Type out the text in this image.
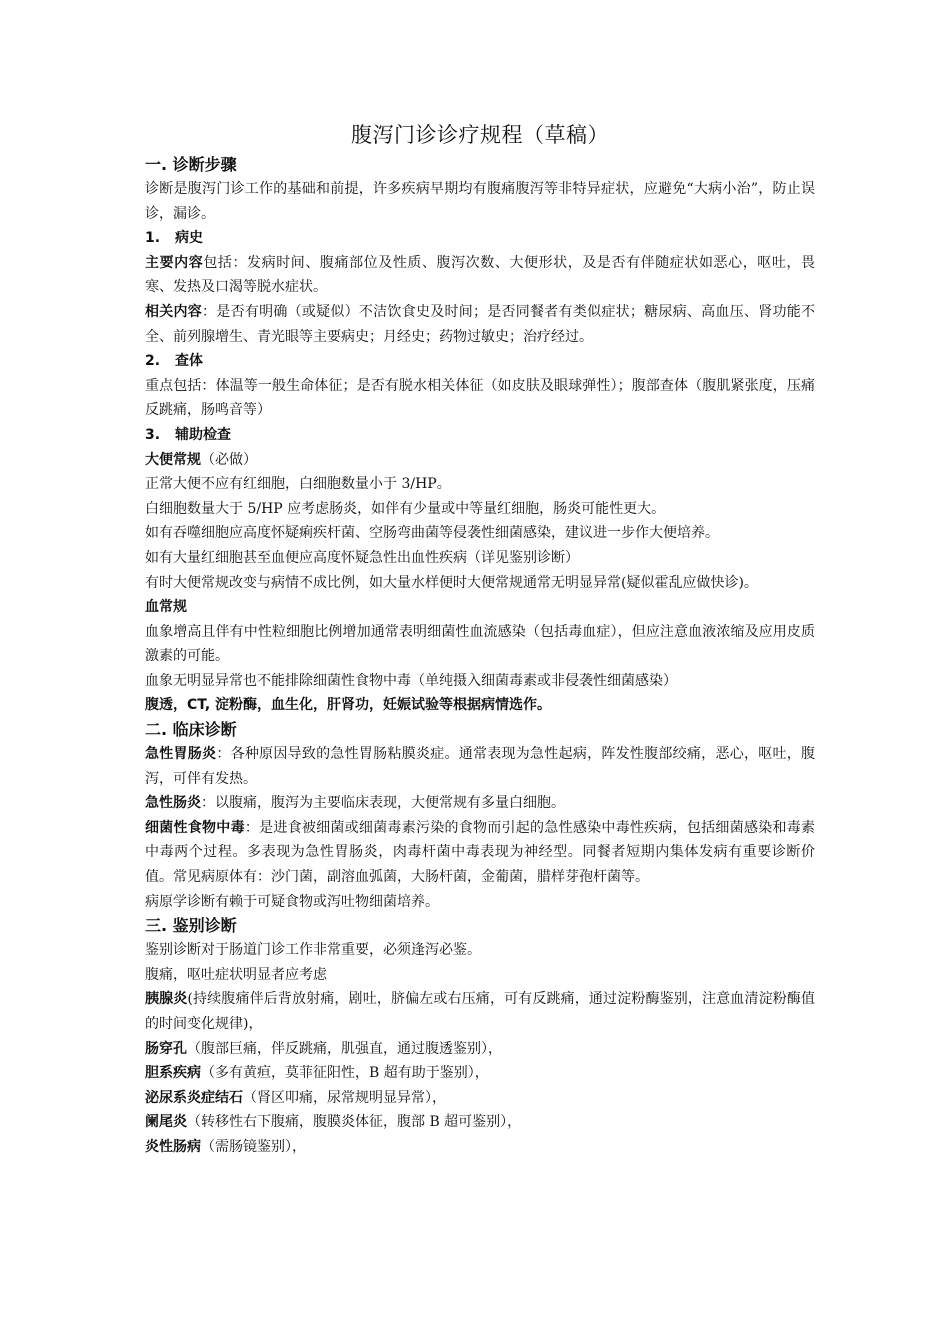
腹泻门诊诊疗规程（草稿）
一. 诊断步骤

诊断是腹泻门诊工作的基础和前提，许多疾病早期均有腹痛腹泻等非特异症状，应避免“大病小治”，防止误诊，漏诊。

1. 病史

主要内容包括：发病时间、腹痛部位及性质、腹泻次数、大便形状，及是否有伴随症状如恶心，呕吐，畏寒、发热及口渴等脱水症状。

相关内容：是否有明确（或疑似）不洁饮食史及时间；是否同餐者有类似症状；糖尿病、高血压、肾功能不全、前列腺增生、青光眼等主要病史；月经史；药物过敏史；治疗经过。

2. 查体

重点包括：体温等一般生命体征；是否有脱水相关体征（如皮肤及眼球弹性）；腹部查体（腹肌紧张度，压痛反跳痛，肠鸣音等）

3. 辅助检查

大便常规（必做）

正常大便不应有红细胞，白细胞数量小于 3/HP。

白细胞数量大于 5/HP 应考虑肠炎，如伴有少量或中等量红细胞，肠炎可能性更大。

如有吞噬细胞应高度怀疑痢疾杆菌、空肠弯曲菌等侵袭性细菌感染，建议进一步作大便培养。

如有大量红细胞甚至血便应高度怀疑急性出血性疾病（详见鉴别诊断）

有时大便常规改变与病情不成比例，如大量水样便时大便常规通常无明显异常(疑似霍乱应做快诊)。

血常规

血象增高且伴有中性粒细胞比例增加通常表明细菌性血流感染（包括毒血症），但应注意血液浓缩及应用皮质激素的可能。

血象无明显异常也不能排除细菌性食物中毒（单纯摄入细菌毒素或非侵袭性细菌感染）

腹透，CT, 淀粉酶，血生化，肝肾功，妊娠试验等根据病情选作。

二. 临床诊断

急性胃肠炎：各种原因导致的急性胃肠粘膜炎症。通常表现为急性起病，阵发性腹部绞痛，恶心，呕吐，腹泻，可伴有发热。

急性肠炎：以腹痛，腹泻为主要临床表现，大便常规有多量白细胞。

细菌性食物中毒：是进食被细菌或细菌毒素污染的食物而引起的急性感染中毒性疾病，包括细菌感染和毒素中毒两个过程。多表现为急性胃肠炎，肉毒杆菌中毒表现为神经型。同餐者短期内集体发病有重要诊断价值。常见病原体有：沙门菌，副溶血弧菌，大肠杆菌，金葡菌，腊样芽孢杆菌等。

病原学诊断有赖于可疑食物或泻吐物细菌培养。

三. 鉴别诊断

鉴别诊断对于肠道门诊工作非常重要，必须逢泻必鉴。

腹痛，呕吐症状明显者应考虑

胰腺炎(持续腹痛伴后背放射痛，剧吐，脐偏左或右压痛，可有反跳痛，通过淀粉酶鉴别，注意血清淀粉酶值的时间变化规律)，

肠穿孔（腹部巨痛，伴反跳痛，肌强直，通过腹透鉴别），

胆系疾病（多有黄疸，莫菲征阳性，B 超有助于鉴别），

泌尿系炎症结石（肾区叩痛，尿常规明显异常），

阑尾炎（转移性右下腹痛，腹膜炎体征，腹部 B 超可鉴别），

炎性肠病（需肠镜鉴别），
